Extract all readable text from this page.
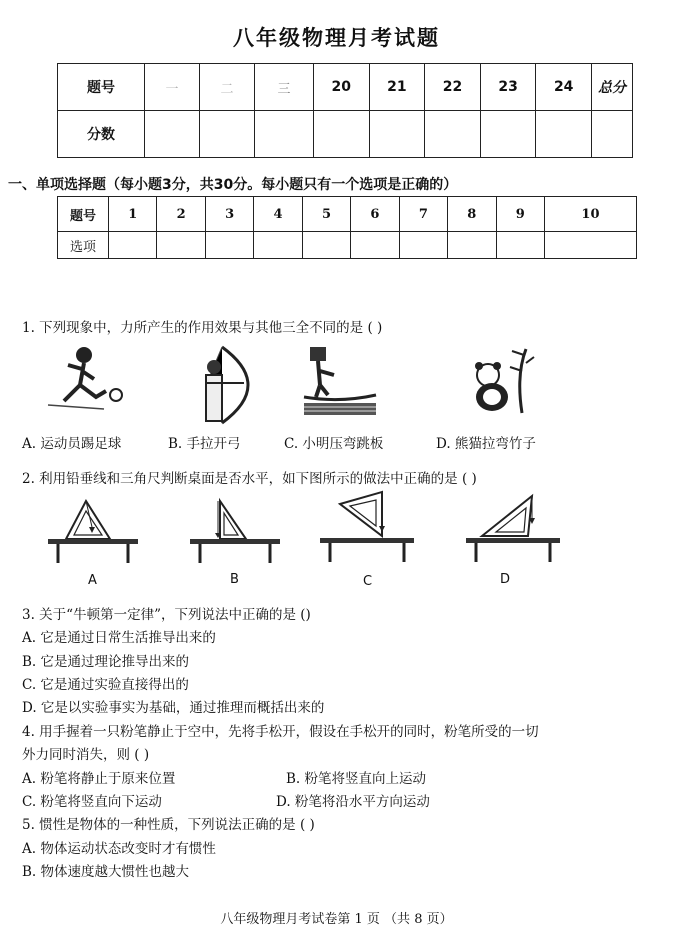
八年级物理月考试题
题号	一	二	三	20	21	22	23	24	总分
分数									
一、单项选择题（每小题3分，共30分。每小题只有一个选项是正确的）
题号	1	2	3	4	5	6	7	8	9	10
选项										
1. 下列现象中，力所产生的作用效果与其他三全不同的是 ( )
A. 运动员踢足球	B. 手拉开弓	C. 小明压弯跳板	D. 熊猫拉弯竹子
2. 利用铅垂线和三角尺判断桌面是否水平，如下图所示的做法中正确的是 ( )
A	B	C	D
3. 关于“牛顿第一定律”，下列说法中正确的是 ()
A. 它是通过日常生活推导出来的
B. 它是通过理论推导出来的
C. 它是通过实验直接得出的
D. 它是以实验事实为基础，通过推理而概括出来的
4. 用手握着一只粉笔静止于空中，先将手松开，假设在手松开的同时，粉笔所受的一切
外力同时消失，则 ( )
A. 粉笔将静止于原来位置	B. 粉笔将竖直向上运动
C. 粉笔将竖直向下运动	D. 粉笔将沿水平方向运动
5. 惯性是物体的一种性质，下列说法正确的是 ( )
A. 物体运动状态改变时才有惯性
B. 物体速度越大惯性也越大
八年级物理月考试卷第 1 页 （共 8 页）
